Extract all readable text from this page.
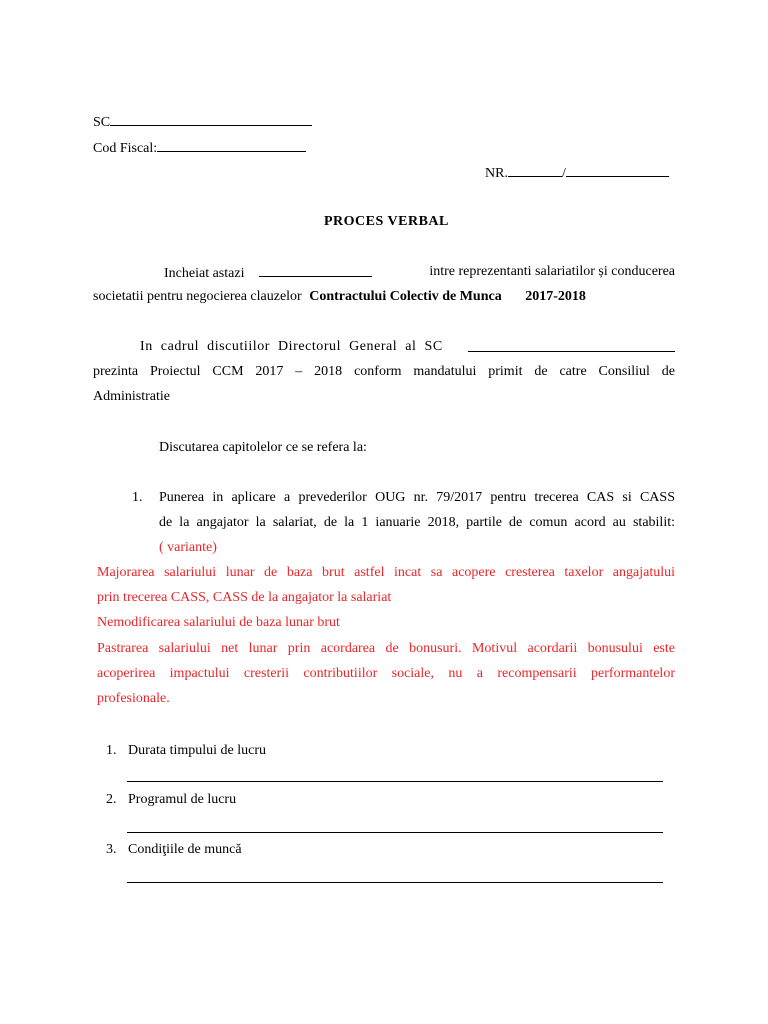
SC
Cod Fiscal:
NR.	/
PROCES VERBAL
Incheiat astazi	intre reprezentanti salariatilor și conducerea
societatii pentru negocierea clauzelor Contractului Colectiv de Munca 2017-2018
In cadrul discutiilor Directorul General al SC
prezinta Proiectul CCM 2017 – 2018 conform mandatului primit de catre Consiliul de
Administratie
Discutarea capitolelor ce se refera la:
1. Punerea in aplicare a prevederilor OUG nr. 79/2017 pentru trecerea CAS si CASS
de la angajator la salariat, de la 1 ianuarie 2018, partile de comun acord au stabilit:
( variante)
Majorarea salariului lunar de baza brut astfel incat sa acopere cresterea taxelor angajatului
prin trecerea CASS, CASS de la angajator la salariat
Nemodificarea salariului de baza lunar brut
Pastrarea salariului net lunar prin acordarea de bonusuri. Motivul acordarii bonusului este
acoperirea impactului cresterii contributiilor sociale, nu a recompensarii performantelor
profesionale.
1. Durata timpului de lucru
2. Programul de lucru
3. Condiţiile de muncă
